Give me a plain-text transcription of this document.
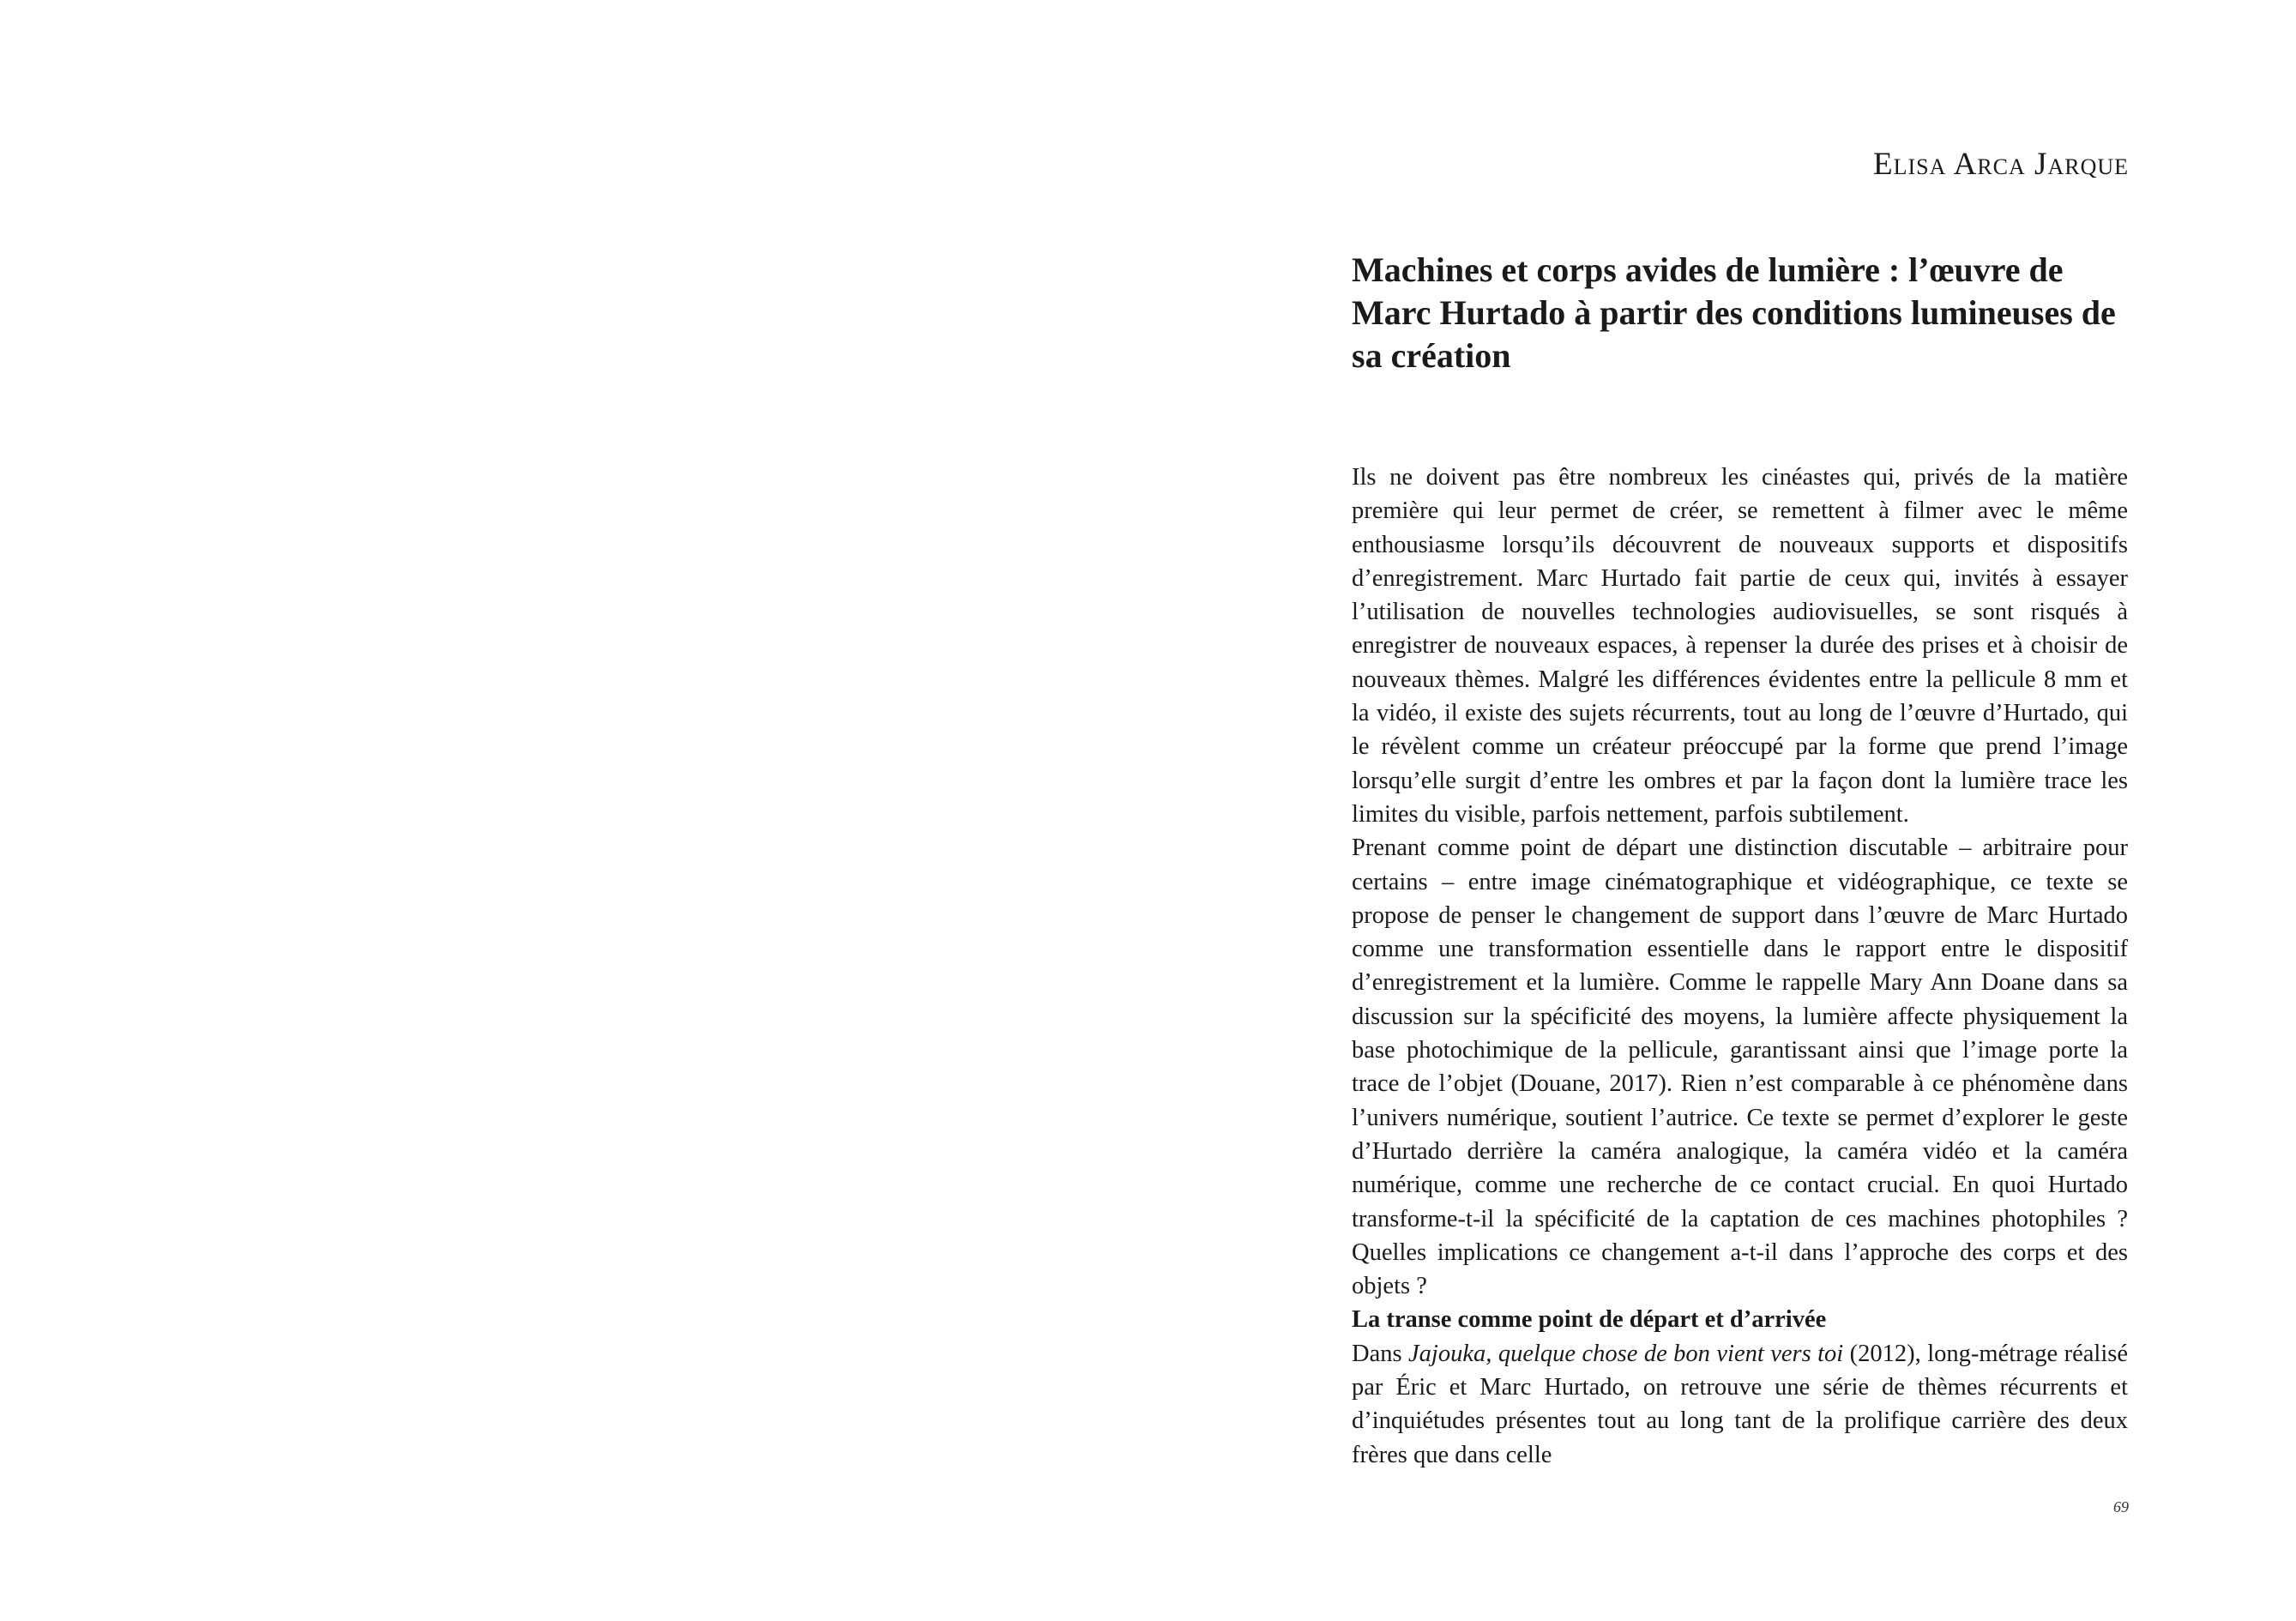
Elisa Arca Jarque
Machines et corps avides de lumière : l’œuvre de Marc Hurtado à partir des conditions lumineuses de sa création

Ils ne doivent pas être nombreux les cinéastes qui, privés de la matière première qui leur permet de créer, se remettent à filmer avec le même enthousiasme lorsqu’ils découvrent de nouveaux supports et dispositifs d’enregistrement. Marc Hurtado fait partie de ceux qui, invités à essayer l’utilisation de nouvelles technologies audiovisuelles, se sont risqués à enregistrer de nouveaux espaces, à repenser la durée des prises et à choisir de nouveaux thèmes. Malgré les différences évidentes entre la pellicule 8 mm et la vidéo, il existe des sujets récurrents, tout au long de l’œuvre d’Hurtado, qui le révèlent comme un créateur préoccupé par la forme que prend l’image lorsqu’elle surgit d’entre les ombres et par la façon dont la lumière trace les limites du visible, parfois nettement, parfois subtilement.

Prenant comme point de départ une distinction discutable – arbitraire pour certains – entre image cinématographique et vidéographique, ce texte se propose de penser le changement de support dans l’œuvre de Marc Hurtado comme une transformation essentielle dans le rapport entre le dispositif d’enregistrement et la lumière. Comme le rappelle Mary Ann Doane dans sa discussion sur la spécificité des moyens, la lumière affecte physiquement la base photochimique de la pellicule, garantissant ainsi que l’image porte la trace de l’objet (Douane, 2017). Rien n’est comparable à ce phénomène dans l’univers numérique, soutient l’autrice. Ce texte se permet d’explorer le geste d’Hurtado derrière la caméra analogique, la caméra vidéo et la caméra numérique, comme une recherche de ce contact crucial. En quoi Hurtado transforme-t-il la spécificité de la captation de ces machines photophiles ? Quelles implications ce changement a-t-il dans l’approche des corps et des objets ?

La transe comme point de départ et d’arrivée

Dans Jajouka, quelque chose de bon vient vers toi (2012), long-métrage réalisé par Éric et Marc Hurtado, on retrouve une série de thèmes récurrents et d’inquiétudes présentes tout au long tant de la prolifique carrière des deux frères que dans celle

69
